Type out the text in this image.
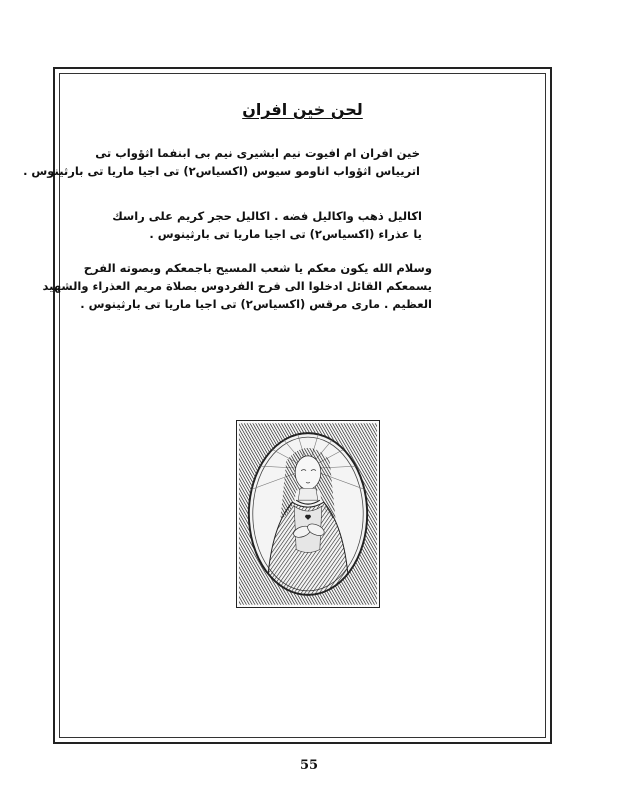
لحن خين افران
خين افران ام افيوت نيم ابشيرى نيم بى ابنفما اثؤواب تى
اتريياس اثؤواب اناومو سيوس (اكسياس٢) تى اجيا ماريا تى بارثينوس .
اكاليل ذهب واكاليل فضه . اكاليل حجر كريم على راسك
يا عذراء (اكسياس٢) تى اجيا ماريا تى بارثينوس .
وسلام الله يكون معكم يا شعب المسيح باجمعكم وبصوته الفرح
يسمعكم القائل ادخلوا الى فرح الفردوس بصلاة مريم العذراء والشهيد
العظيم . مارى مرقس (اكسياس٢) تى اجيا ماريا تى بارثينوس .
55
